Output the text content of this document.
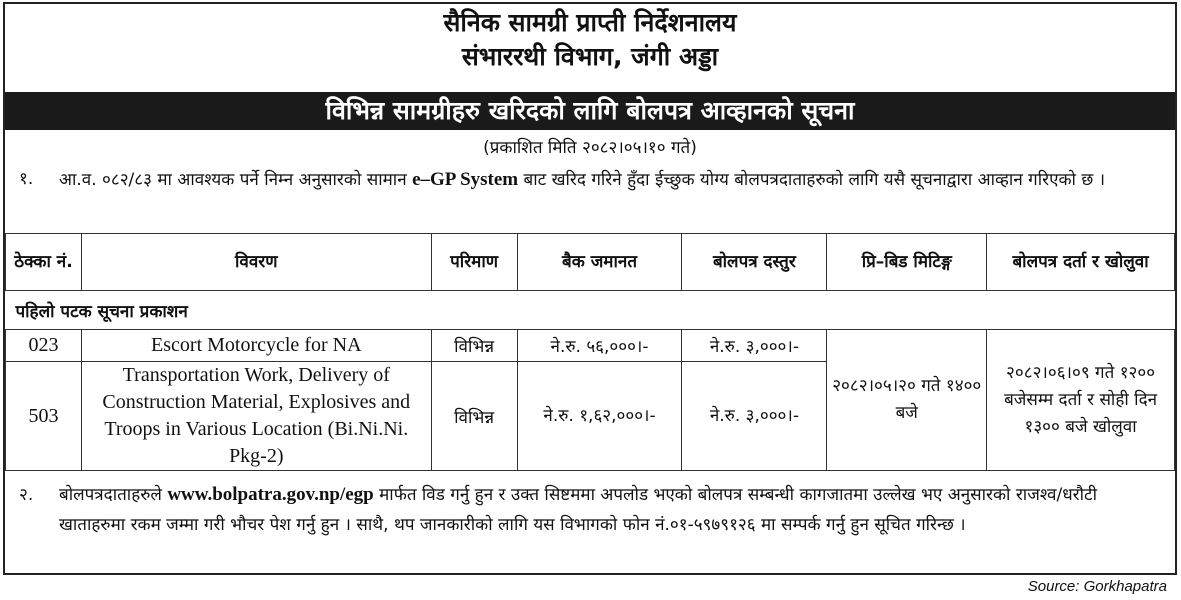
सैनिक सामग्री प्राप्ती निर्देशनालय
संभाररथी विभाग, जंगी अड्डा
विभिन्न सामग्रीहरु खरिदको लागि बोलपत्र आव्हानको सूचना
(प्रकाशित मिति २०८२।०५।१० गते)
१. आ.व. ०८२/८३ मा आवश्यक पर्ने निम्न अनुसारको सामान e–GP System बाट खरिद गरिने हुँदा ईच्छुक योग्य बोलपत्रदाताहरुको लागि यसै सूचनाद्वारा आव्हान गरिएको छ ।
ठेक्का नं.	विवरण	परिमाण	बैक जमानत	बोलपत्र दस्तुर	प्रि–बिड मिटिङ्ग	बोलपत्र दर्ता र खोलुवा
पहिलो पटक सूचना प्रकाशन						
023	Escort Motorcycle for NA	विभिन्न	ने.रु. ५६,०००।-	ने.रु. ३,०००।-	२०८२।०५।२० गते १४०० बजे	२०८२।०६।०९ गते १२०० बजेसम्म दर्ता र सोही दिन १३०० बजे खोलुवा
503	Transportation Work, Delivery of Construction Material, Explosives and Troops in Various Location (Bi.Ni.Ni. Pkg-2)	विभिन्न	ने.रु. १,६२,०००।-	ने.रु. ३,०००।-		
२. बोलपत्रदाताहरुले www.bolpatra.gov.np/egp मार्फत विड गर्नु हुन र उक्त सिष्टममा अपलोड भएको बोलपत्र सम्बन्धी कागजातमा उल्लेख भए अनुसारको राजश्व/धरौटी खाताहरुमा रकम जम्मा गरी भौचर पेश गर्नु हुन । साथै, थप जानकारीको लागि यस विभागको फोन नं.०१-५९७९१२६ मा सम्पर्क गर्नु हुन सूचित गरिन्छ ।
Source: Gorkhapatra
